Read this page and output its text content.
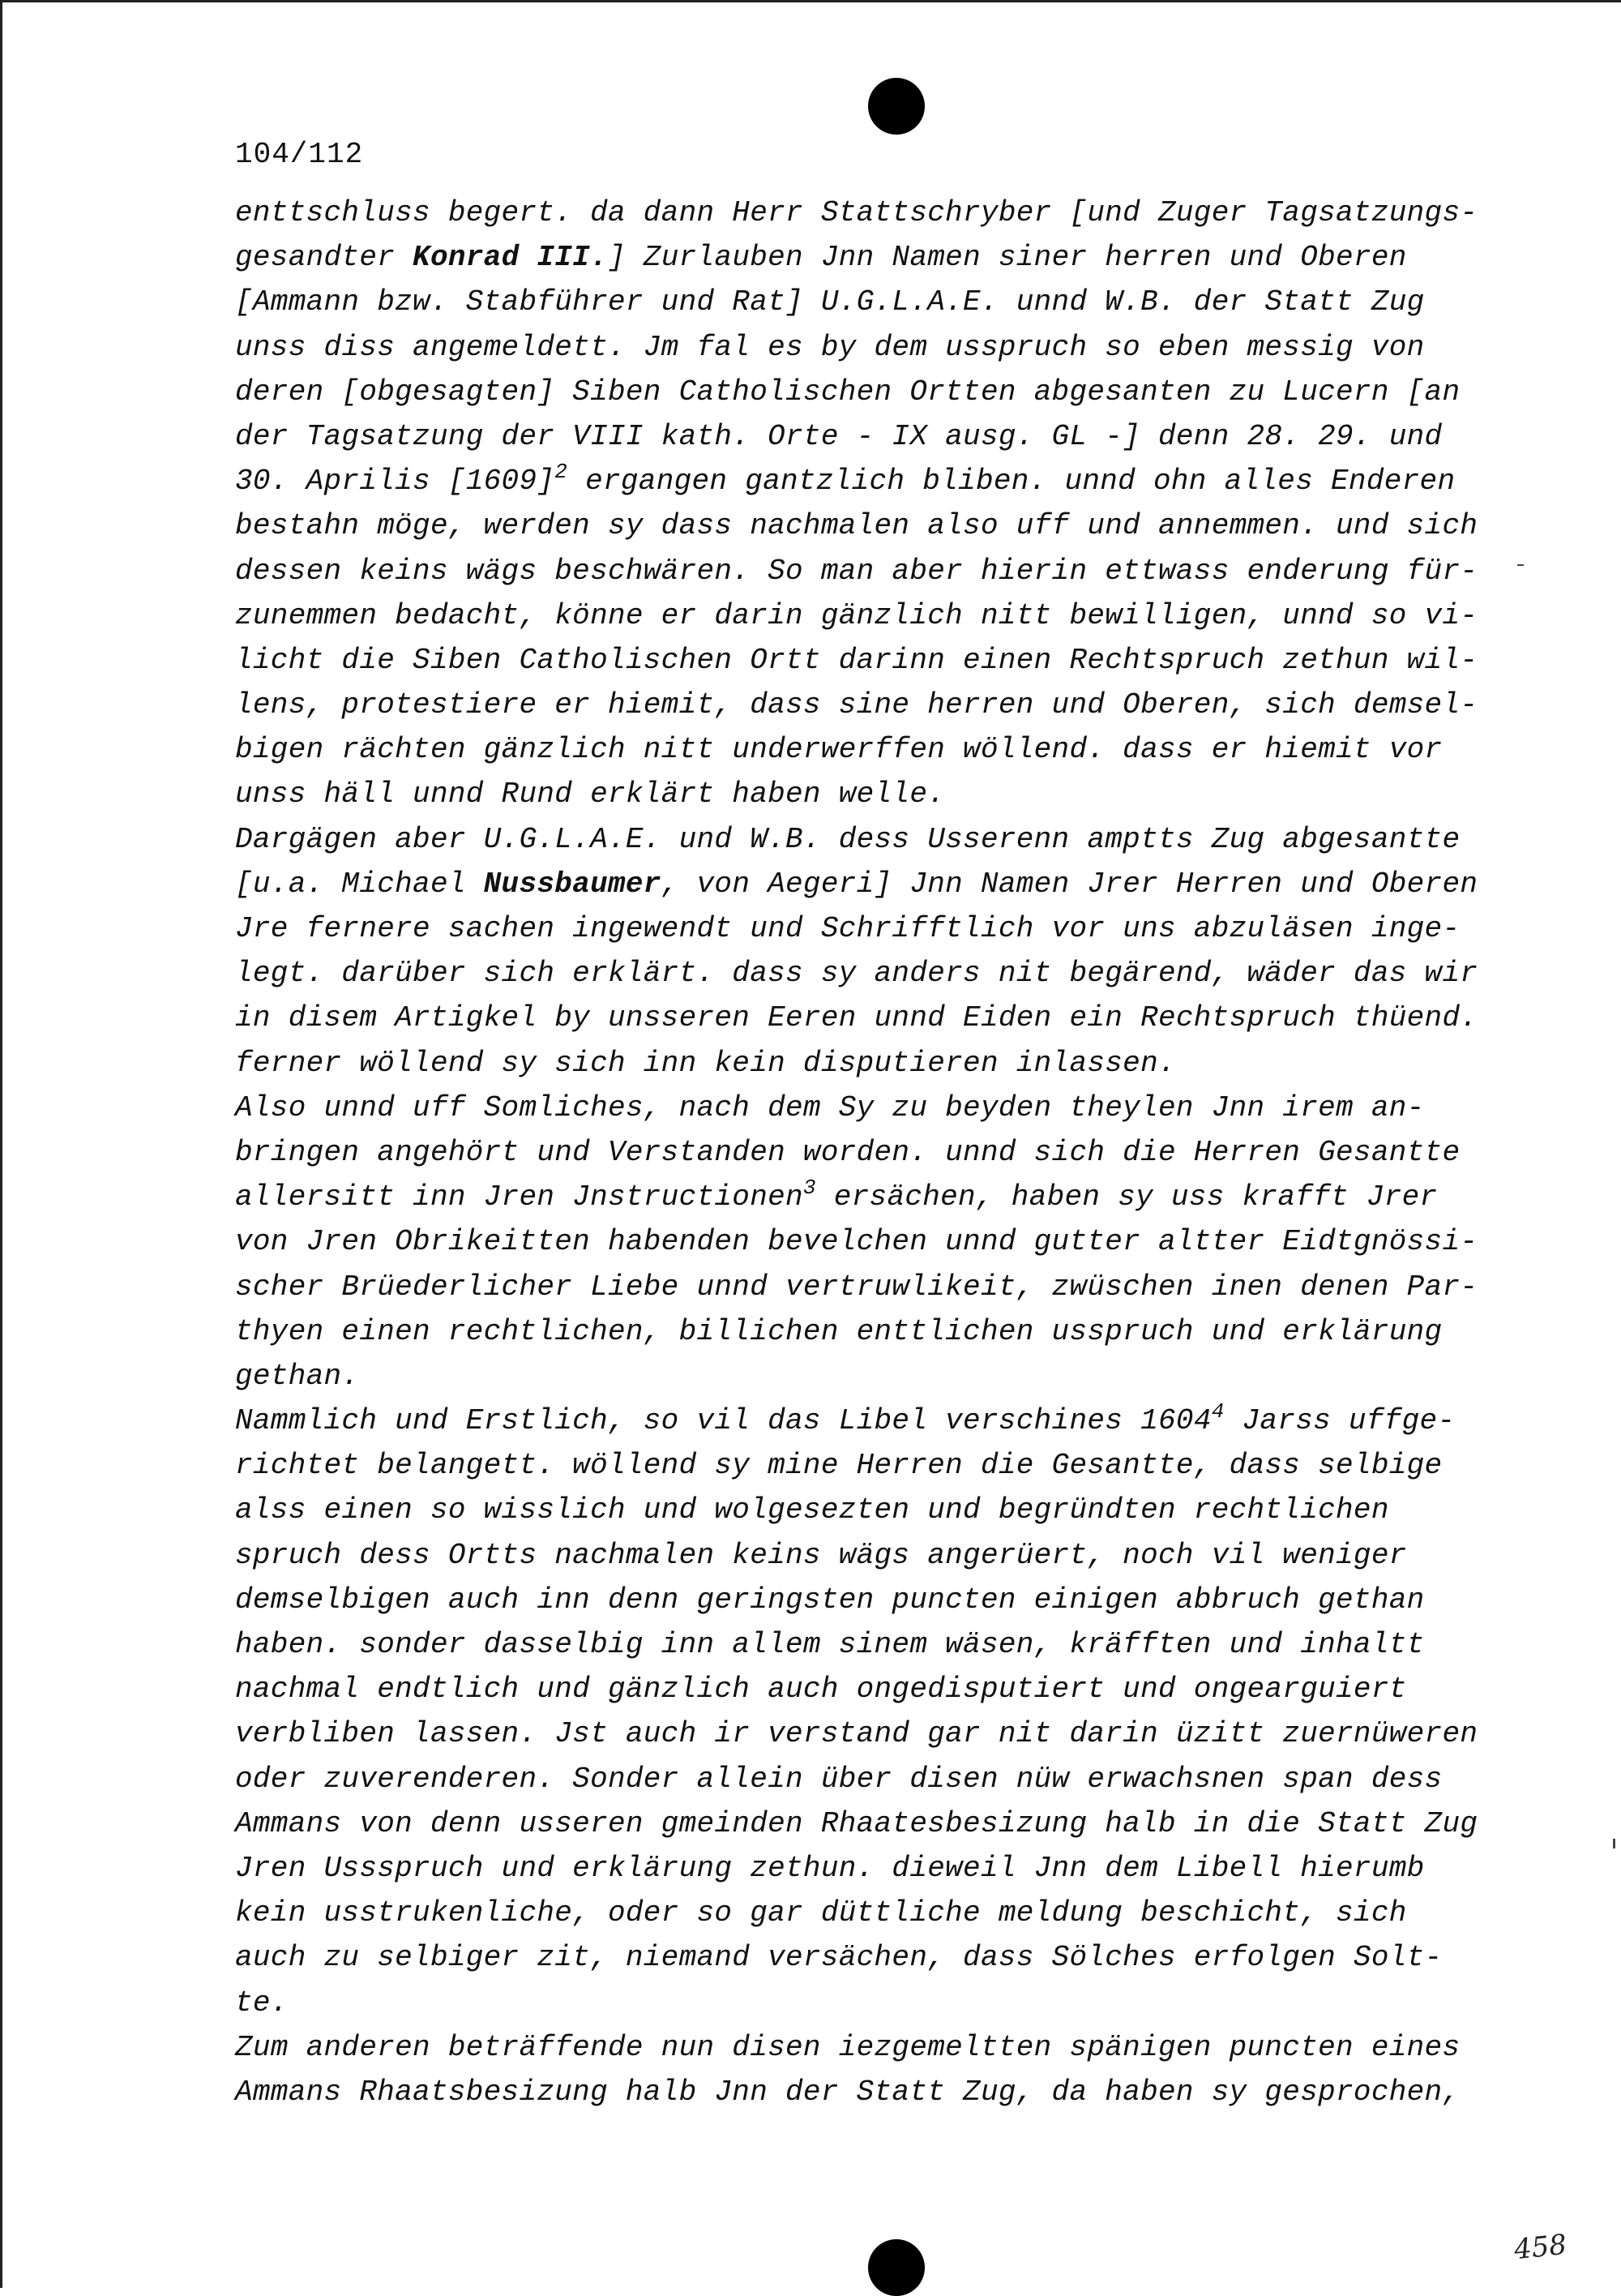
104/112
enttschluss begert. da dann Herr Stattschryber [und Zuger Tagsatzungs-
gesandter Konrad III.] Zurlauben Jnn Namen siner herren und Oberen
[Ammann bzw. Stabführer und Rat] U.G.L.A.E. unnd W.B. der Statt Zug
unss diss angemeldett. Jm fal es by dem usspruch so eben messig von
deren [obgesagten] Siben Catholischen Ortten abgesanten zu Lucern [an
der Tagsatzung der VIII kath. Orte - IX ausg. GL -] denn 28. 29. und
30. Aprilis $[1609]^2$ ergangen gantzlich bliben. unnd ohn alles Enderen
bestahn möge, werden sy dass nachmalen also uff und annemmen. und sich
dessen keins wägs beschwären. So man aber hierin ettwass enderung für-
zunemmen bedacht, könne er darin gänzlich nitt bewilligen, unnd so vi-
licht die Siben Catholischen Ortt darinn einen Rechtspruch zethun wil-
lens, protestiere er hiemit, dass sine herren und Oberen, sich demsel-
bigen rächten gänzlich nitt underwerffen wöllend. dass er hiemit vor
unss häll unnd Rund erklärt haben welle.
Dargägen aber U.G.L.A.E. und W.B. dess Usserenn amptts Zug abgesantte
[u.a. Michael Nussbaumer, von Aegeri] Jnn Namen Jrer Herren und Oberen
Jre fernere sachen ingewendt und Schrifftlich vor uns abzuläsen inge-
legt. darüber sich erklärt. dass sy anders nit begärend, wäder das wir
in disem Artigkel by unsseren Eeren unnd Eiden ein Rechtspruch thüend.
ferner wöllend sy sich inn kein disputieren inlassen.
Also unnd uff Somliches, nach dem Sy zu beyden theylen Jnn irem an-
bringen angehört und Verstanden worden. unnd sich die Herren Gesantte
allersitt inn Jren Jnstructionen$^3$ ersächen, haben sy uss krafft Jrer
von Jren Obrikeitten habenden bevelchen unnd gutter altter Eidtgnössi-
scher Brüederlicher Liebe unnd vertruwlikeit, zwüschen inen denen Par-
thyen einen rechtlichen, billichen enttlichen usspruch und erklärung
gethan.
Nammlich und Erstlich, so vil das Libel verschines 1604$^4$ Jarss uffge-
richtet belangett. wöllend sy mine Herren die Gesantte, dass selbige
alss einen so wisslich und wolgesezten und begründten rechtlichen
spruch dess Ortts nachmalen keins wägs angerüert, noch vil weniger
demselbigen auch inn denn geringsten puncten einigen abbruch gethan
haben. sonder dasselbig inn allem sinem wäsen, kräfften und inhaltt
nachmal endtlich und gänzlich auch ongedisputiert und ongearguiert
verbliben lassen. Jst auch ir verstand gar nit darin üzitt zuernüweren
oder zuverenderen. Sonder allein über disen nüw erwachsnen span dess
Ammans von denn usseren gmeinden Rhaatesbesizung halb in die Statt Zug
Jren Ussspruch und erklärung zethun. dieweil Jnn dem Libell hierumb
kein usstrukenliche, oder so gar düttliche meldung beschicht, sich
auch zu selbiger zit, niemand versächen, dass Sölches erfolgen Solt-
te.
Zum anderen beträffende nun disen iezgemeltten spänigen puncten eines
Ammans Rhaatsbesizung halb Jnn der Statt Zug, da haben sy gesprochen,
458
